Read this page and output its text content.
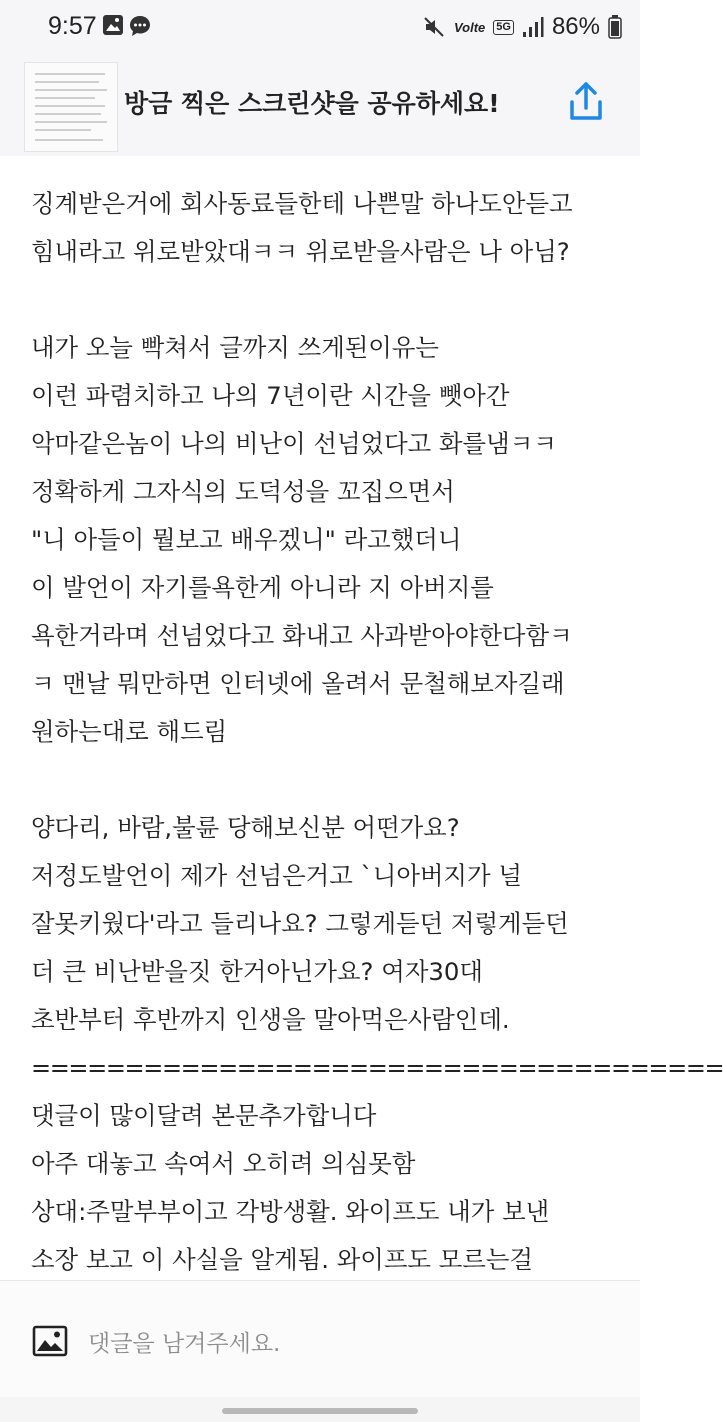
9:57	Volte 5G 86%
방금 찍은 스크린샷을 공유하세요!
징계받은거에 회사동료들한테 나쁜말 하나도안듣고
힘내라고 위로받았대ㅋㅋ 위로받을사람은 나 아님?
내가 오늘 빡쳐서 글까지 쓰게된이유는
이런 파렴치하고 나의 7년이란 시간을 뺏아간
악마같은놈이 나의 비난이 선넘었다고 화를냄ㅋㅋ
정확하게 그자식의 도덕성을 꼬집으면서
"니 아들이 뭘보고 배우겠니" 라고했더니
이 발언이 자기를욕한게 아니라 지 아버지를
욕한거라며 선넘었다고 화내고 사과받아야한다함ㅋ
ㅋ 맨날 뭐만하면 인터넷에 올려서 문철해보자길래
원하는대로 해드림
양다리, 바람,불륜 당해보신분 어떤가요?
저정도발언이 제가 선넘은거고 `니아버지가 널
잘못키웠다'라고 들리나요? 그렇게듣던 저렇게듣던
더 큰 비난받을짓 한거아닌가요? 여자30대
초반부터 후반까지 인생을 말아먹은사람인데.
=====================================
댓글이 많이달려 본문추가합니다
아주 대놓고 속여서 오히려 의심못함
상대:주말부부이고 각방생활. 와이프도 내가 보낸
소장 보고 이 사실을 알게됨. 와이프도 모르는걸
댓글을 남겨주세요.
